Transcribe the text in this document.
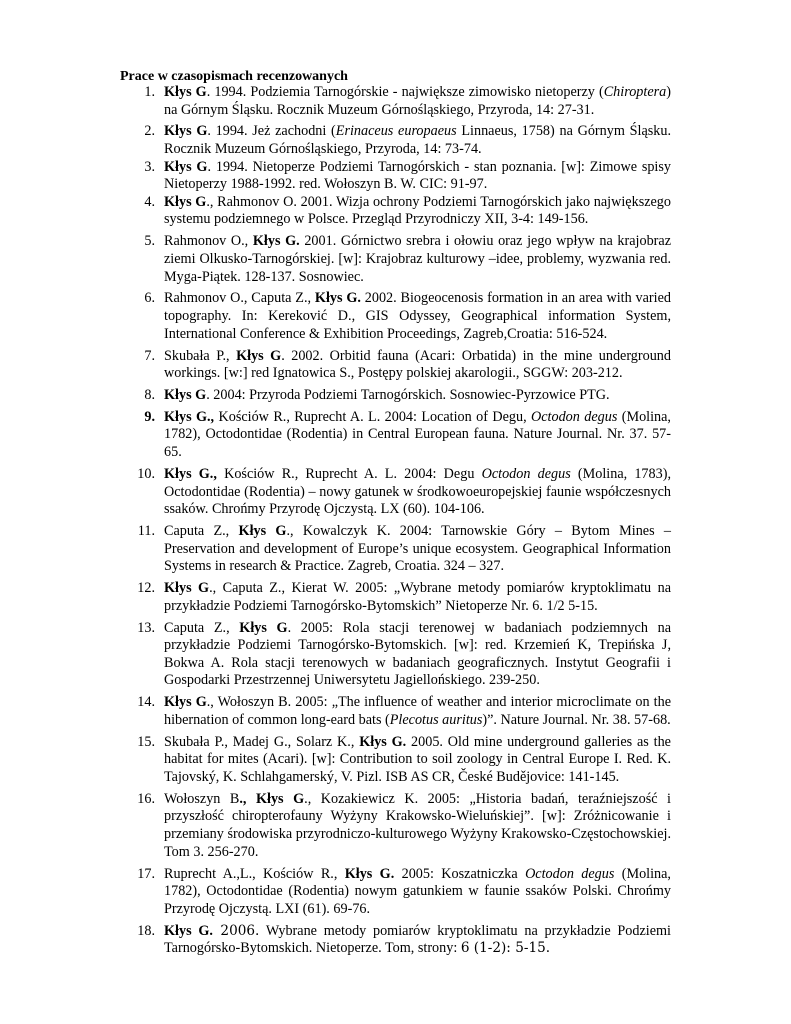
Prace w czasopismach recenzowanych
1. Kłys G. 1994. Podziemia Tarnogórskie - największe zimowisko nietoperzy (Chiroptera) na Górnym Śląsku. Rocznik Muzeum Górnośląskiego, Przyroda, 14: 27-31.
2. Kłys G. 1994. Jeż zachodni (Erinaceus europaeus Linnaeus, 1758) na Górnym Śląsku. Rocznik Muzeum Górnośląskiego, Przyroda, 14: 73-74.
3. Kłys G. 1994. Nietoperze Podziemi Tarnogórskich - stan poznania. [w]: Zimowe spisy Nietoperzy 1988-1992. red. Wołoszyn B. W. CIC: 91-97.
4. Kłys G., Rahmonov O. 2001. Wizja ochrony Podziemi Tarnogórskich jako największego systemu podziemnego w Polsce. Przegląd Przyrodniczy XII, 3-4: 149-156.
5. Rahmonov O., Kłys G. 2001. Górnictwo srebra i ołowiu oraz jego wpływ na krajobraz ziemi Olkusko-Tarnogórskiej. [w]: Krajobraz kulturowy –idee, problemy, wyzwania red. Myga-Piątek. 128-137. Sosnowiec.
6. Rahmonov O., Caputa Z., Kłys G. 2002. Biogeocenosis formation in an area with varied topography. In: Kereković D., GIS Odyssey, Geographical information System, International Conference & Exhibition Proceedings, Zagreb,Croatia: 516-524.
7. Skubała P., Kłys G. 2002. Orbitid fauna (Acari: Orbatida) in the mine underground workings. [w:] red Ignatowica S., Postępy polskiej akarologii., SGGW: 203-212.
8. Kłys G. 2004: Przyroda Podziemi Tarnogórskich. Sosnowiec-Pyrzowice PTG.
9. Kłys G., Kościów R., Ruprecht A. L. 2004: Location of Degu, Octodon degus (Molina, 1782), Octodontidae (Rodentia) in Central European fauna. Nature Journal. Nr. 37. 57-65.
10. Kłys G., Kościów R., Ruprecht A. L. 2004: Degu Octodon degus (Molina, 1783), Octodontidae (Rodentia) – nowy gatunek w środkowoeuropejskiej faunie współczesnych ssaków. Chrońmy Przyrodę Ojczystą. LX (60). 104-106.
11. Caputa Z., Kłys G., Kowalczyk K. 2004: Tarnowskie Góry – Bytom Mines – Preservation and development of Europe’s unique ecosystem. Geographical Information Systems in research & Practice. Zagreb, Croatia. 324 – 327.
12. Kłys G., Caputa Z., Kierat W. 2005: „Wybrane metody pomiarów kryptoklimatu na przykładzie Podziemi Tarnogórsko-Bytomskich” Nietoperze Nr. 6. 1/2 5-15.
13. Caputa Z., Kłys G. 2005: Rola stacji terenowej w badaniach podziemnych na przykładzie Podziemi Tarnogórsko-Bytomskich. [w]: red. Krzemień K, Trepińska J, Bokwa A. Rola stacji terenowych w badaniach geograficznych. Instytut Geografii i Gospodarki Przestrzennej Uniwersytetu Jagiellońskiego. 239-250.
14. Kłys G., Wołoszyn B. 2005: „The influence of weather and interior microclimate on the hibernation of common long-eard bats (Plecotus auritus)”. Nature Journal. Nr. 38. 57-68.
15. Skubała P., Madej G., Solarz K., Kłys G. 2005. Old mine underground galleries as the habitat for mites (Acari). [w]: Contribution to soil zoology in Central Europe I. Red. K. Tajovský, K. Schlahgamerský, V. Pizl. ISB AS CR, České Budějovice: 141-145.
16. Wołoszyn B., Kłys G., Kozakiewicz K. 2005: „Historia badań, teraźniejszość i przyszłość chiropterofauny Wyżyny Krakowsko-Wieluńskiej”. [w]: Zróżnicowanie i przemiany środowiska przyrodniczo-kulturowego Wyżyny Krakowsko-Częstochowskiej. Tom 3. 256-270.
17. Ruprecht A.,L., Kościów R., Kłys G. 2005: Koszatniczka Octodon degus (Molina, 1782), Octodontidae (Rodentia) nowym gatunkiem w faunie ssaków Polski. Chrońmy Przyrodę Ojczystą. LXI (61). 69-76.
18. Kłys G. 2006. Wybrane metody pomiarów kryptoklimatu na przykładzie Podziemi Tarnogórsko-Bytomskich. Nietoperze. Tom, strony: 6 (1-2): 5-15.
